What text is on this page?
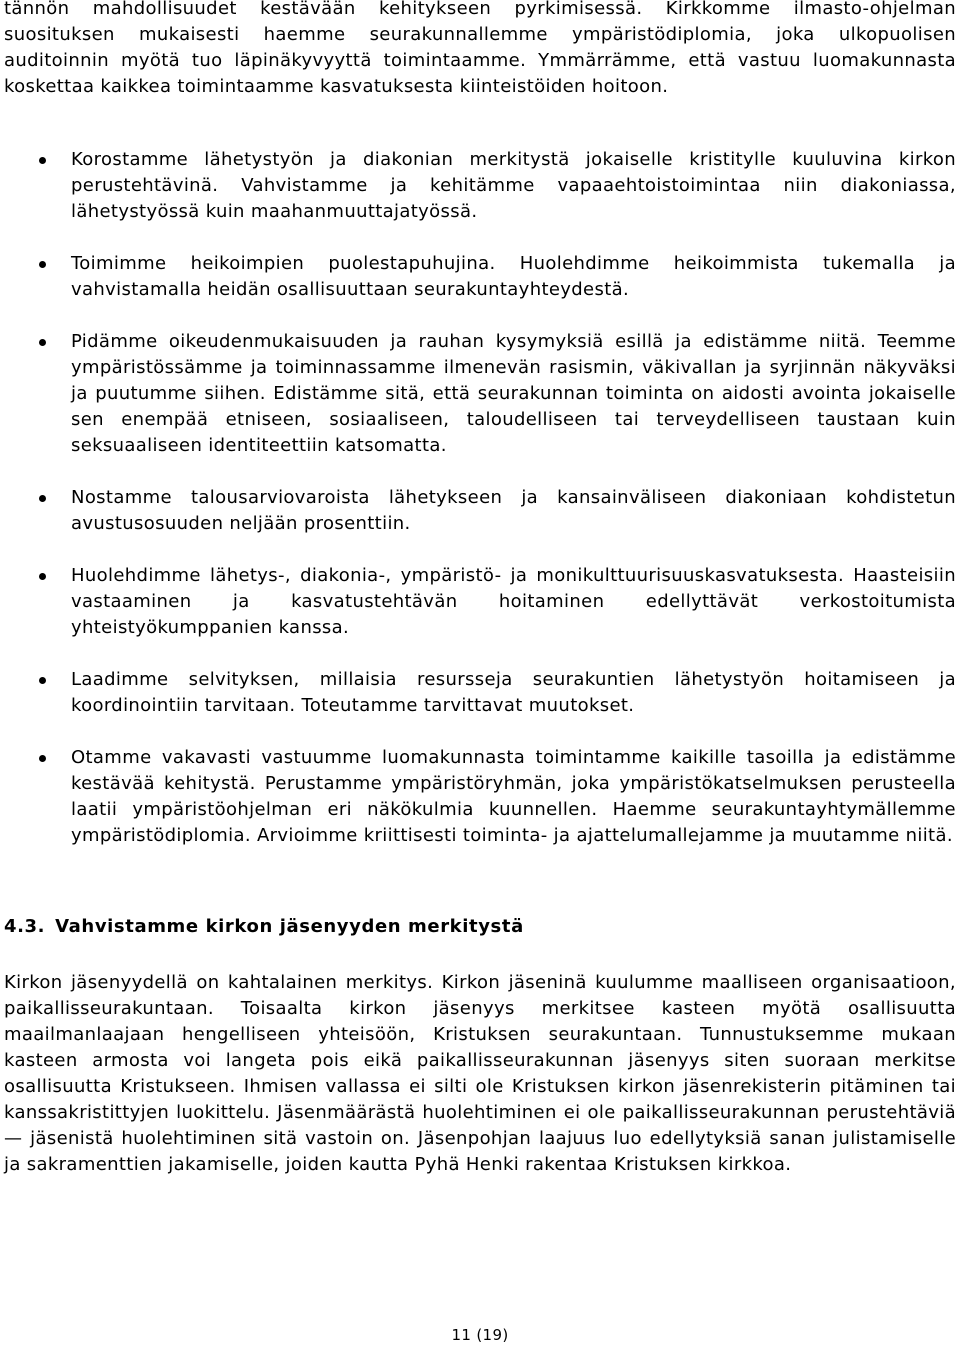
tännön mahdollisuudet kestävään kehitykseen pyrkimisessä. Kirkkomme ilmasto-ohjelman suosituksen mukaisesti haemme seurakunnallemme ympäristödiplomia, joka ulkopuolisen auditoinnin myötä tuo läpinäkyvyyttä toimintaamme. Ymmärrämme, että vastuu luomakunnasta koskettaa kaikkea toimintaamme kasvatuksesta kiinteistöiden hoitoon.

Korostamme lähetystyön ja diakonian merkitystä jokaiselle kristitylle kuuluvina kirkon perustehtävinä. Vahvistamme ja kehitämme vapaaehtoistoimintaa niin diakoniassa, lähetystyössä kuin maahanmuuttajatyössä.
Toimimme heikoimpien puolestapuhujina. Huolehdimme heikoimmista tukemalla ja vahvistamalla heidän osallisuuttaan seurakuntayhteydestä.
Pidämme oikeudenmukaisuuden ja rauhan kysymyksiä esillä ja edistämme niitä. Teemme ympäristössämme ja toiminnassamme ilmenevän rasismin, väkivallan ja syrjinnän näkyväksi ja puutumme siihen. Edistämme sitä, että seurakunnan toiminta on aidosti avointa jokaiselle sen enempää etniseen, sosiaaliseen, taloudelliseen tai terveydelliseen taustaan kuin seksuaaliseen identiteettiin katsomatta.
Nostamme talousarviovaroista lähetykseen ja kansainväliseen diakoniaan kohdistetun avustusosuuden neljään prosenttiin.
Huolehdimme lähetys-, diakonia-, ympäristö- ja monikulttuurisuuskasvatuksesta. Haasteisiin vastaaminen ja kasvatustehtävän hoitaminen edellyttävät verkostoitumista yhteistyökumppanien kanssa.
Laadimme selvityksen, millaisia resursseja seurakuntien lähetystyön hoitamiseen ja koordinointiin tarvitaan. Toteutamme tarvittavat muutokset.
Otamme vakavasti vastuumme luomakunnasta toimintamme kaikille tasoilla ja edistämme kestävää kehitystä. Perustamme ympäristöryhmän, joka ympäristökatselmuksen perusteella laatii ympäristöohjelman eri näkökulmia kuunnellen. Haemme seurakuntayhtymällemme ympäristödiplomia. Arvioimme kriittisesti toiminta- ja ajattelumallejamme ja muutamme niitä.
4.3. Vahvistamme kirkon jäsenyyden merkitystä

Kirkon jäsenyydellä on kahtalainen merkitys. Kirkon jäseninä kuulumme maalliseen organisaatioon, paikallisseurakuntaan. Toisaalta kirkon jäsenyys merkitsee kasteen myötä osallisuutta maailmanlaajaan hengelliseen yhteisöön, Kristuksen seurakuntaan. Tunnustuksemme mukaan kasteen armosta voi langeta pois eikä paikallisseurakunnan jäsenyys siten suoraan merkitse osallisuutta Kristukseen. Ihmisen vallassa ei silti ole Kristuksen kirkon jäsenrekisterin pitäminen tai kanssakristittyjen luokittelu. Jäsenmäärästä huolehtiminen ei ole paikallisseurakunnan perustehtäviä — jäsenistä huolehtiminen sitä vastoin on. Jäsenpohjan laajuus luo edellytyksiä sanan julistamiselle ja sakramenttien jakamiselle, joiden kautta Pyhä Henki rakentaa Kristuksen kirkkoa.

11 (19)
